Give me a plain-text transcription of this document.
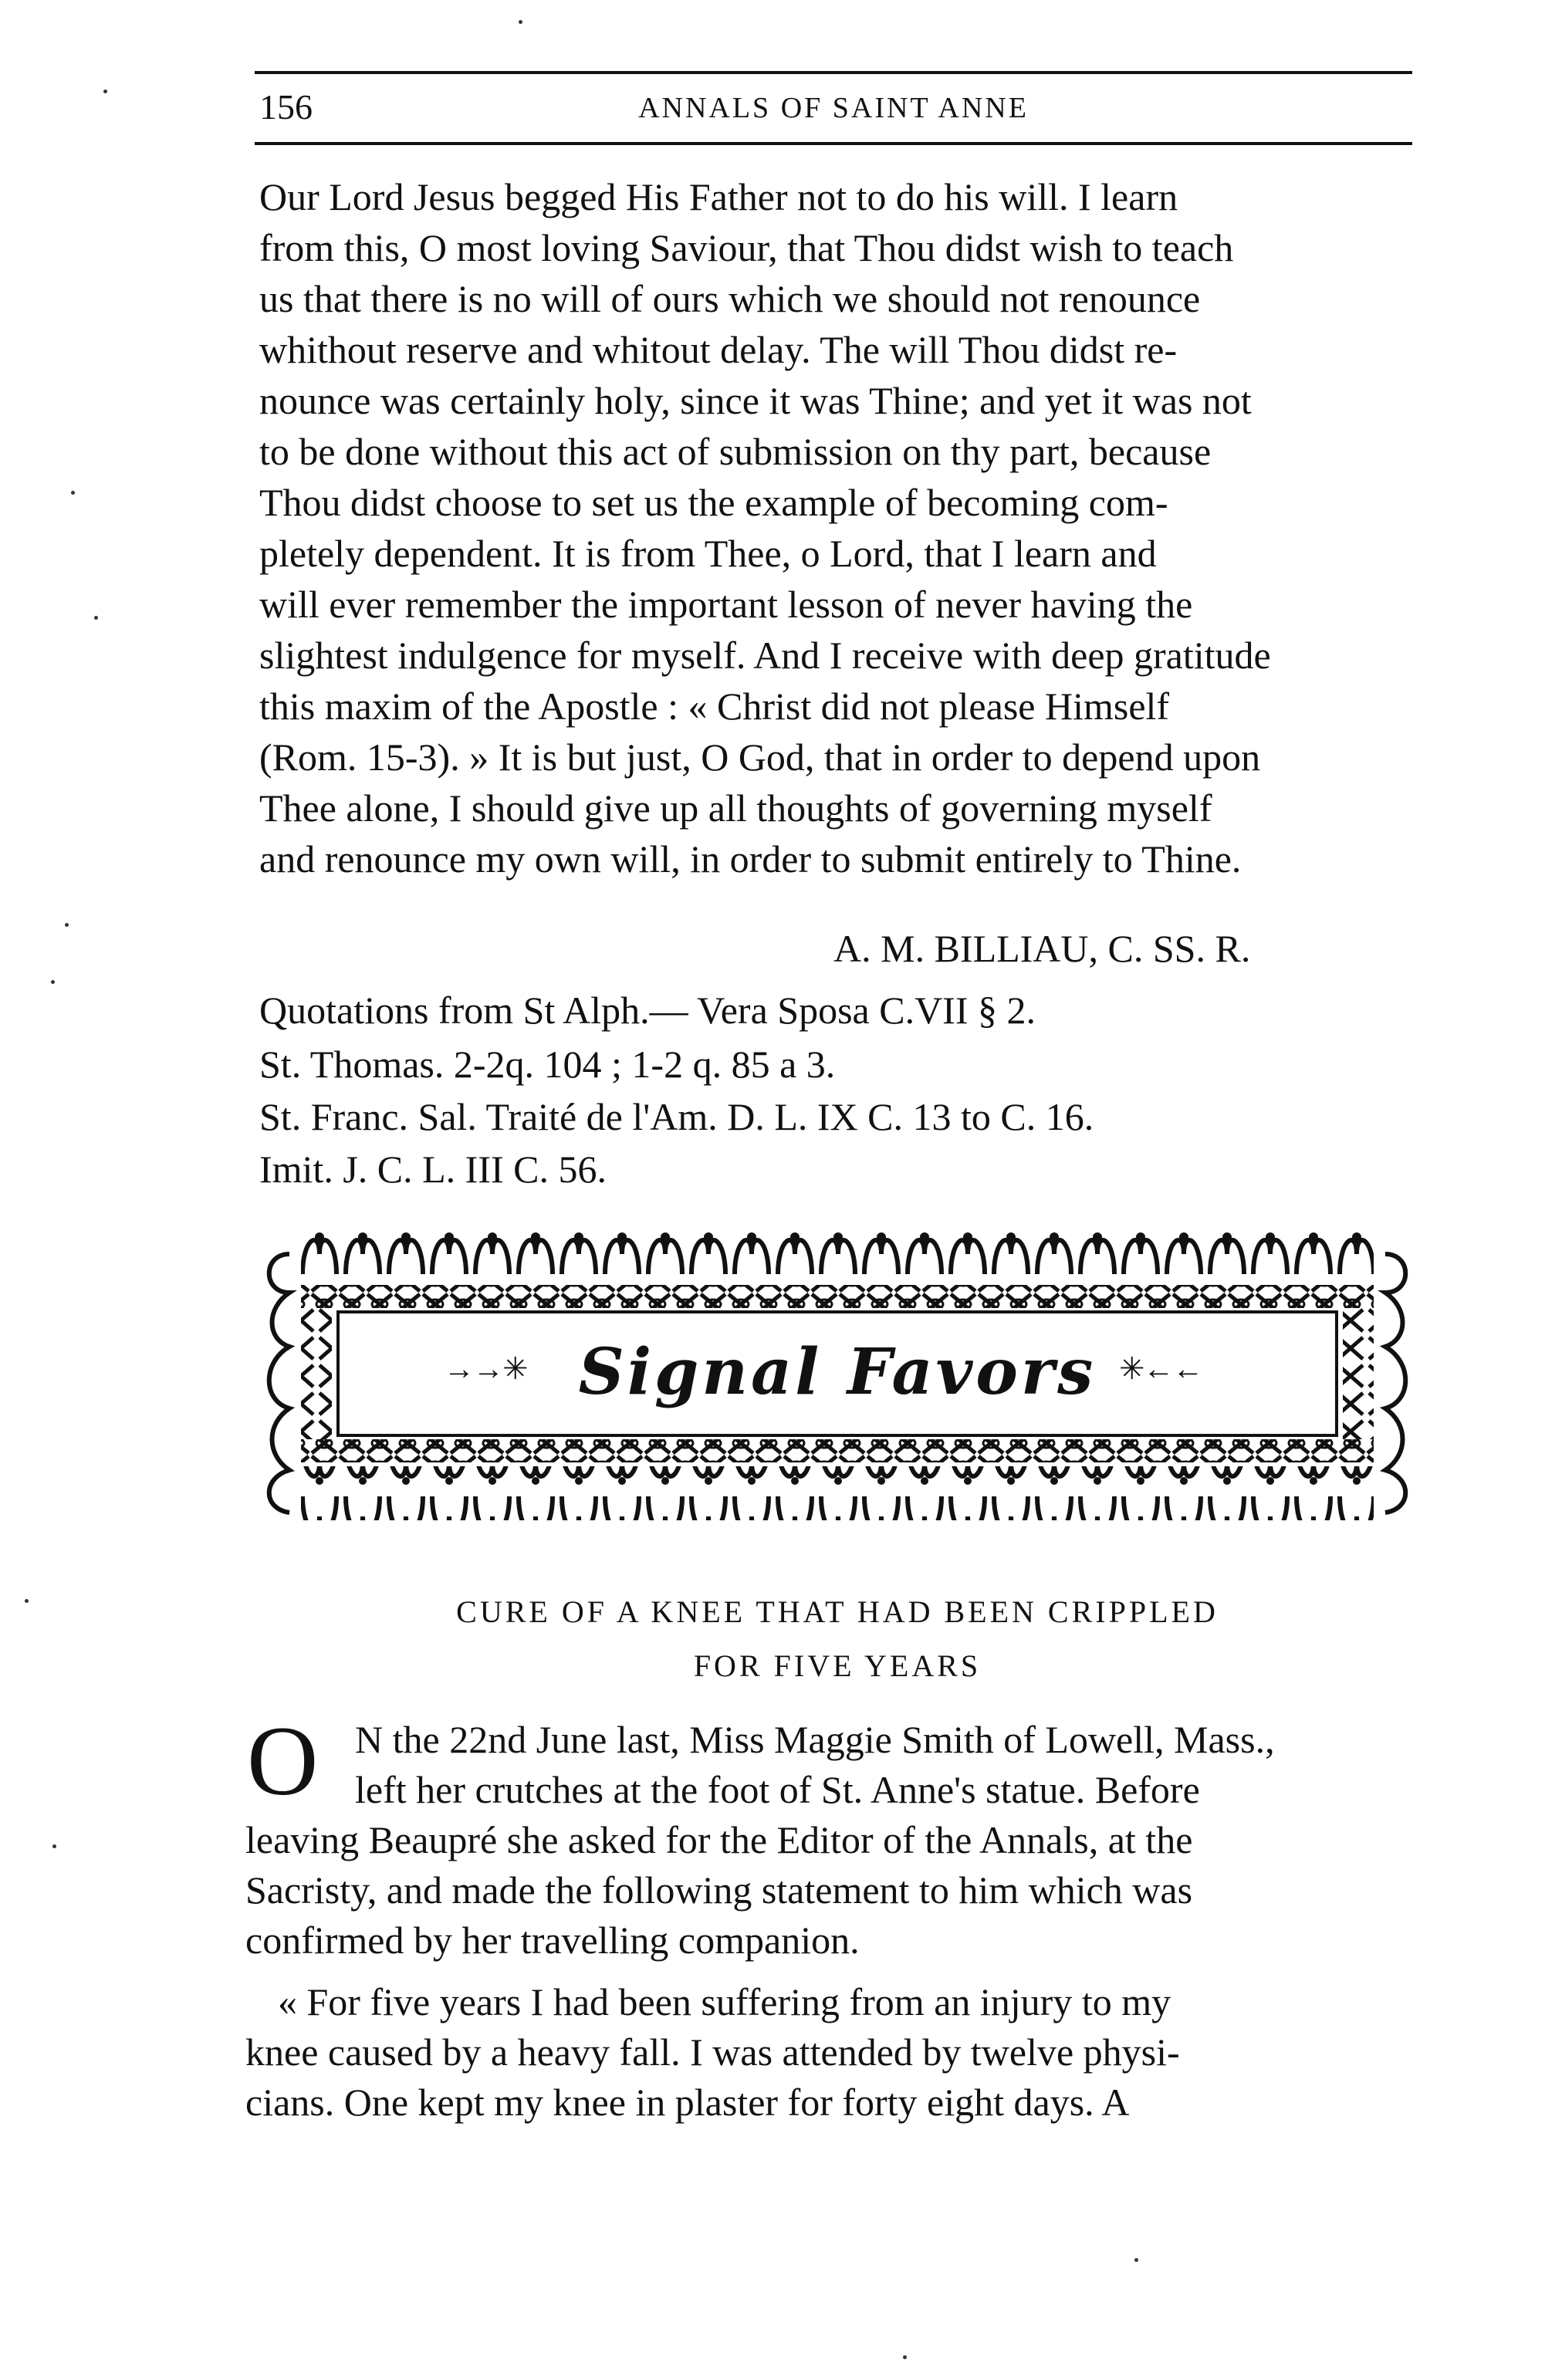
156	ANNALS OF SAINT ANNE
Our Lord Jesus begged His Father not to do his will. I learn
from this, O most loving Saviour, that Thou didst wish to teach
us that there is no will of ours which we should not renounce
whithout reserve and whitout delay. The will Thou didst re-
nounce was certainly holy, since it was Thine; and yet it was not
to be done without this act of submission on thy part, because
Thou didst choose to set us the example of becoming com-
pletely dependent. It is from Thee, o Lord, that I learn and
will ever remember the important lesson of never having the
slightest indulgence for myself. And I receive with deep gratitude
this maxim of the Apostle : « Christ did not please Himself
(Rom. 15-3). » It is but just, O God, that in order to depend upon
Thee alone, I should give up all thoughts of governing myself
and renounce my own will, in order to submit entirely to Thine.
A. M. BILLIAU, C. SS. R.
Quotations from St Alph.— Vera Sposa C.VII § 2.
St. Thomas. 2-2q. 104 ; 1-2 q. 85 a 3.
St. Franc. Sal. Traité de l'Am. D. L. IX C. 13 to C. 16.
Imit. J. C. L. III C. 56.
→→✳ Signal Favors ✳←←
CURE OF A KNEE THAT HAD BEEN CRIPPLED
FOR FIVE YEARS
O N the 22nd June last, Miss Maggie Smith of Lowell, Mass.,
left her crutches at the foot of St. Anne's statue. Before
leaving Beaupré she asked for the Editor of the Annals, at the
Sacristy, and made the following statement to him which was
confirmed by her travelling companion.
« For five years I had been suffering from an injury to my
knee caused by a heavy fall. I was attended by twelve physi-
cians. One kept my knee in plaster for forty eight days. A
